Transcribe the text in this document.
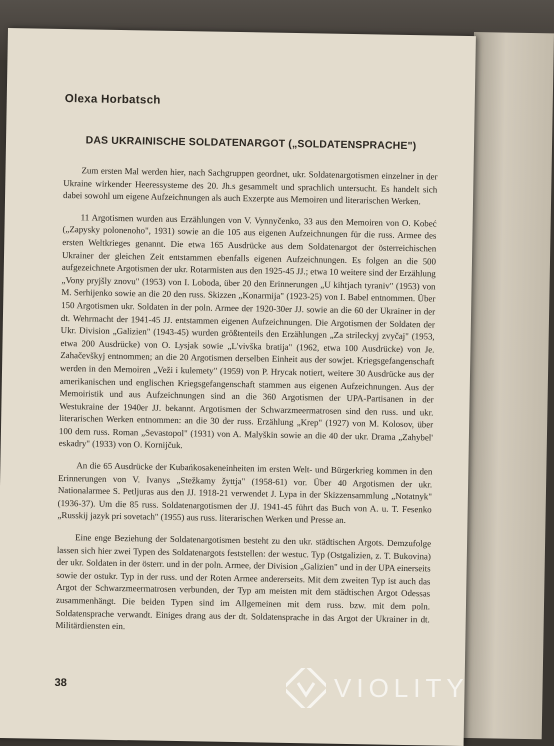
Olexa Horbatsch
DAS UKRAINISCHE SOLDATENARGOT („SOLDATENSPRACHE")

Zum ersten Mal werden hier, nach Sachgruppen geordnet, ukr. Soldatenargotismen einzelner in der Ukraine wirkender Heeressysteme des 20. Jh.s gesammelt und sprachlich untersucht. Es handelt sich dabei sowohl um eigene Aufzeichnungen als auch Exzerpte aus Memoiren und literarischen Werken.

11 Argotismen wurden aus Erzählungen von V. Vynnyčenko, 33 aus den Memoiren von O. Kobeć („Zapysky polonenoho", 1931) sowie an die 105 aus eigenen Aufzeichnungen für die russ. Armee des ersten Weltkrieges genannt. Die etwa 165 Ausdrücke aus dem Soldatenargot der österreichischen Ukrainer der gleichen Zeit entstammen ebenfalls eigenen Aufzeichnungen. Es folgen an die 500 aufgezeichnete Argotismen der ukr. Rotarmisten aus den 1925-45 JJ.; etwa 10 weitere sind der Erzählung „Vony pryjšly znovu" (1953) von I. Loboda, über 20 den Erinnerungen „U kihtjach tyraniv" (1953) von M. Serhijenko sowie an die 20 den russ. Skizzen „Konarmija" (1923-25) von I. Babel entnommen. Über 150 Argotismen ukr. Soldaten in der poln. Armee der 1920-30er JJ. sowie an die 60 der Ukrainer in der dt. Wehrmacht der 1941-45 JJ. entstammen eigenen Aufzeichnungen. Die Argotismen der Soldaten der Ukr. Division „Galizien" (1943-45) wurden größtenteils den Erzählungen „Za strileckyj zvyčaj" (1953, etwa 200 Ausdrücke) von O. Lysjak sowie „L'vivška bratija" (1962, etwa 100 Ausdrücke) von Je. Zahačevškyj entnommen; an die 20 Argotismen derselben Einheit aus der sowjet. Kriegsgefangenschaft werden in den Memoiren „Veži i kulemety" (1959) von P. Hrycak notiert, weitere 30 Ausdrücke aus der amerikanischen und englischen Kriegsgefangenschaft stammen aus eigenen Aufzeichnungen. Aus der Memoiristik und aus Aufzeichnungen sind an die 360 Argotismen der UPA-Partisanen in der Westukraine der 1940er JJ. bekannt. Argotismen der Schwarzmeermatrosen sind den russ. und ukr. literarischen Werken entnommen: an die 30 der russ. Erzählung „Krep" (1927) von M. Kolosov, über 100 dem russ. Roman „Sevastopol" (1931) von A. Malyškin sowie an die 40 der ukr. Drama „Zahybel' eskadry" (1933) von O. Kornijčuk.

An die 65 Ausdrücke der Kubańkosakeneinheiten im ersten Welt- und Bürgerkrieg kommen in den Erinnerungen von V. Ivanys „Stežkamy žyttja" (1958-61) vor. Über 40 Argotismen der ukr. Nationalarmee S. Petljuras aus den JJ. 1918-21 verwendet J. Lypa in der Skizzensammlung „Notatnyk" (1936-37). Um die 85 russ. Soldatenargotismen der JJ. 1941-45 führt das Buch von A. u. T. Fesenko „Russkij jazyk pri sovetach" (1955) aus russ. literarischen Werken und Presse an.

Eine enge Beziehung der Soldatenargotismen besteht zu den ukr. städtischen Argots. Demzufolge lassen sich hier zwei Typen des Soldatenargots feststellen: der westuc. Typ (Ostgalizien, z. T. Bukovina) der ukr. Soldaten in der österr. und in der poln. Armee, der Division „Galizien" und in der UPA einerseits sowie der ostukr. Typ in der russ. und der Roten Armee andererseits. Mit dem zweiten Typ ist auch das Argot der Schwarzmeermatrosen verbunden, der Typ am meisten mit dem städtischen Argot Odessas zusammenhängt. Die beiden Typen sind im Allgemeinen mit dem russ. bzw. mit dem poln. Soldatensprache verwandt. Einiges drang aus der dt. Soldatensprache in das Argot der Ukrainer in dt. Militärdiensten ein.

38	VIOLITY
